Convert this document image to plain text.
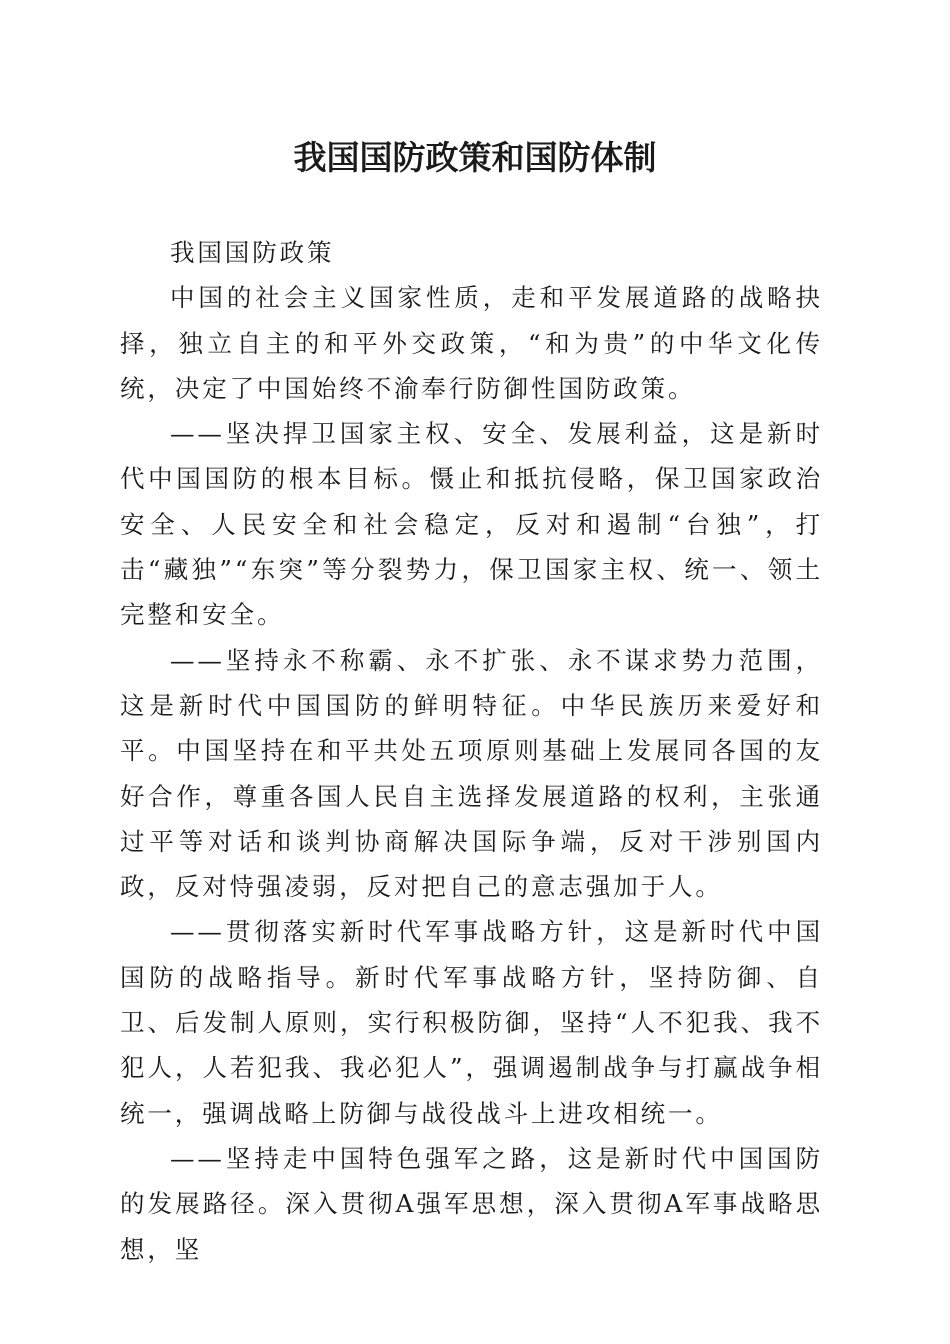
我国国防政策和国防体制

我国国防政策

中国的社会主义国家性质，走和平发展道路的战略抉择，独立自主的和平外交政策，“和为贵”的中华文化传统，决定了中国始终不渝奉行防御性国防政策。

——坚决捍卫国家主权、安全、发展利益，这是新时代中国国防的根本目标。慑止和抵抗侵略，保卫国家政治安全、人民安全和社会稳定，反对和遏制“台独”，打击“藏独”“东突”等分裂势力，保卫国家主权、统一、领土完整和安全。

——坚持永不称霸、永不扩张、永不谋求势力范围，这是新时代中国国防的鲜明特征。中华民族历来爱好和平。中国坚持在和平共处五项原则基础上发展同各国的友好合作，尊重各国人民自主选择发展道路的权利，主张通过平等对话和谈判协商解决国际争端，反对干涉别国内政，反对恃强凌弱，反对把自己的意志强加于人。

——贯彻落实新时代军事战略方针，这是新时代中国国防的战略指导。新时代军事战略方针，坚持防御、自卫、后发制人原则，实行积极防御，坚持“人不犯我、我不犯人，人若犯我、我必犯人”，强调遏制战争与打赢战争相统一，强调战略上防御与战役战斗上进攻相统一。

——坚持走中国特色强军之路，这是新时代中国国防的发展路径。深入贯彻A强军思想，深入贯彻A军事战略思想，坚
